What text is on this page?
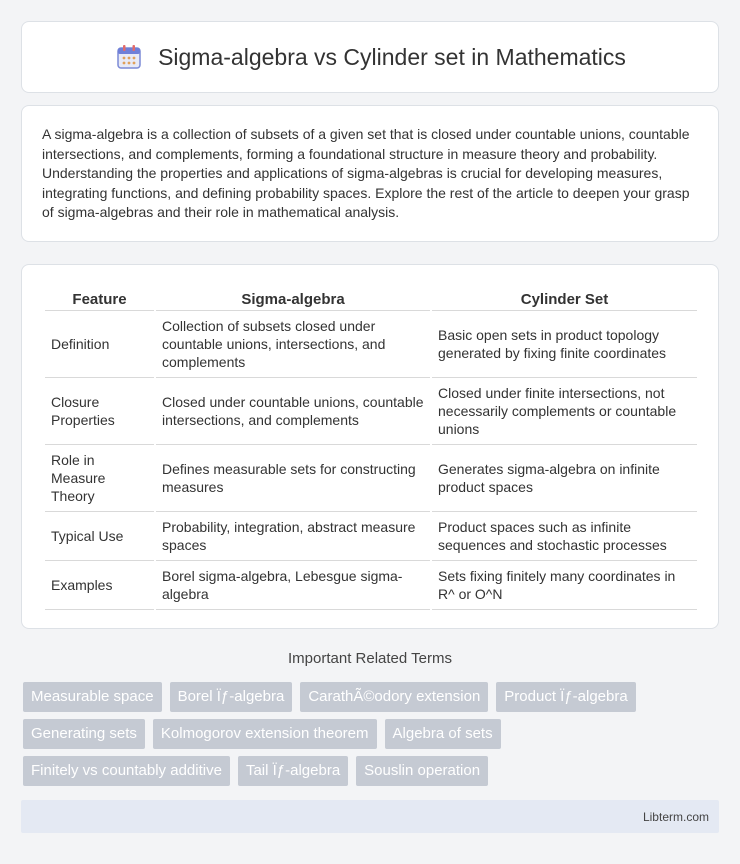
Sigma-algebra vs Cylinder set in Mathematics

A sigma-algebra is a collection of subsets of a given set that is closed under countable unions, countable intersections, and complements, forming a foundational structure in measure theory and probability. Understanding the properties and applications of sigma-algebras is crucial for developing measures, integrating functions, and defining probability spaces. Explore the rest of the article to deepen your grasp of sigma-algebras and their role in mathematical analysis.

Feature	Sigma-algebra	Cylinder Set
Definition	Collection of subsets closed under countable unions, intersections, and complements	Basic open sets in product topology generated by fixing finite coordinates
Closure Properties	Closed under countable unions, countable intersections, and complements	Closed under finite intersections, not necessarily complements or countable unions
Role in Measure Theory	Defines measurable sets for constructing measures	Generates sigma-algebra on infinite product spaces
Typical Use	Probability, integration, abstract measure spaces	Product spaces such as infinite sequences and stochastic processes
Examples	Borel sigma-algebra, Lebesgue sigma-algebra	Sets fixing finitely many coordinates in R^ or O^N
Important Related Terms
Measurable space	Borel Ïƒ-algebra	CarathÃ©odory extension	Product Ïƒ-algebra
Generating sets	Kolmogorov extension theorem	Algebra of sets
Finitely vs countably additive	Tail Ïƒ-algebra	Souslin operation
Libterm.com
